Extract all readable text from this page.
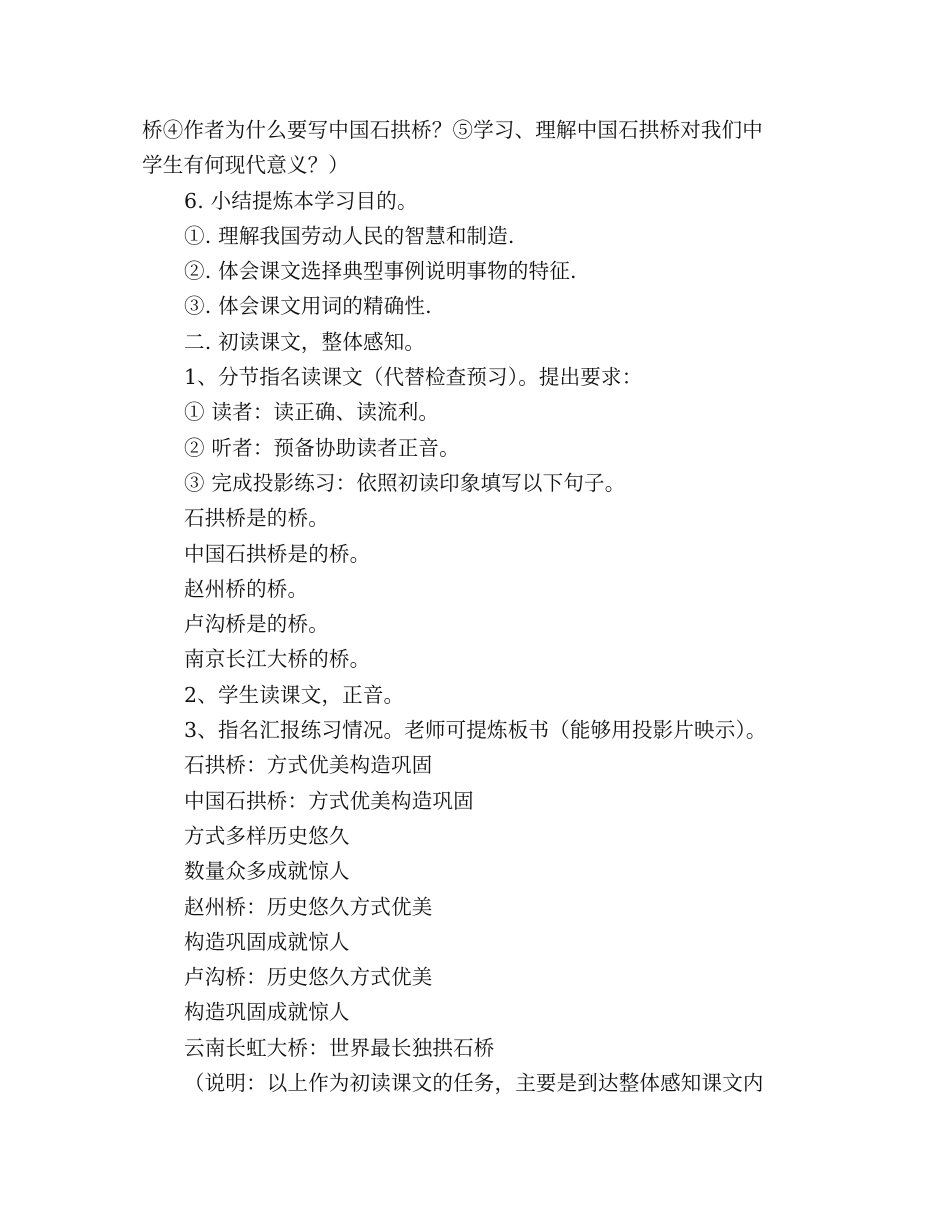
桥④作者为什么要写中国石拱桥？⑤学习、理解中国石拱桥对我们中
学生有何现代意义？）
6. 小结提炼本学习目的。
①. 理解我国劳动人民的智慧和制造.
②. 体会课文选择典型事例说明事物的特征.
③. 体会课文用词的精确性.
二. 初读课文，整体感知。
1、分节指名读课文（代替检查预习）。提出要求：
① 读者：读正确、读流利。
② 听者：预备协助读者正音。
③ 完成投影练习：依照初读印象填写以下句子。
石拱桥是的桥。
中国石拱桥是的桥。
赵州桥的桥。
卢沟桥是的桥。
南京长江大桥的桥。
2、学生读课文，正音。
3、指名汇报练习情况。老师可提炼板书（能够用投影片映示）。
石拱桥：方式优美构造巩固
中国石拱桥：方式优美构造巩固
方式多样历史悠久
数量众多成就惊人
赵州桥：历史悠久方式优美
构造巩固成就惊人
卢沟桥：历史悠久方式优美
构造巩固成就惊人
云南长虹大桥：世界最长独拱石桥
（说明：以上作为初读课文的任务，主要是到达整体感知课文内
